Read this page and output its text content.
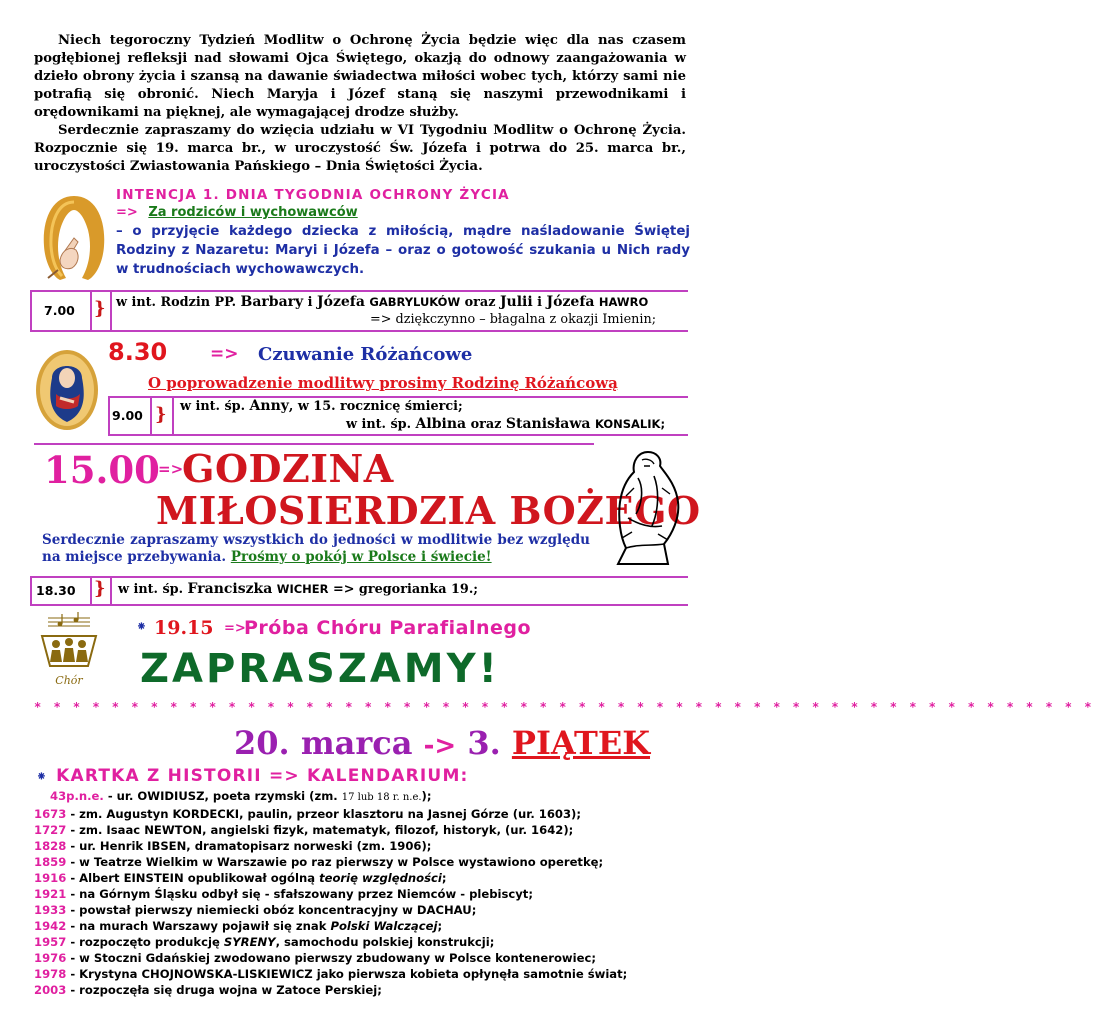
Niech tegoroczny Tydzień Modlitw o Ochronę Życia będzie więc dla nas czasem pogłębionej refleksji nad słowami Ojca Świętego, okazją do odnowy zaangażowania w dzieło obrony życia i szansą na dawanie świadectwa miłości wobec tych, którzy sami nie potrafią się obronić. Niech Maryja i Józef staną się naszymi przewodnikami i orędownikami na pięknej, ale wymagającej drodze służby.

Serdecznie zapraszamy do wzięcia udziału w VI Tygodniu Modlitw o Ochronę Życia. Rozpocznie się 19. marca br., w uroczystość Św. Józefa i potrwa do 25. marca br., uroczystości Zwiastowania Pańskiego – Dnia Świętości Życia.

INTENCJA 1. DNIA TYGODNIA OCHRONY ŻYCIA
=> Za rodziców i wychowawców
– o przyjęcie każdego dziecka z miłością, mądre naśladowanie Świętej Rodziny z Nazaretu: Maryi i Józefa – oraz o gotowość szukania u Nich rady w trudnościach wychowawczych.
7.00 } w int. Rodzin PP. Barbary i Józefa GABRYLUKÓW oraz Julii i Józefa HAWRO
=> dziękczynno – błagalna z okazji Imienin;
8.30	=> Czuwanie Różańcowe
O poprowadzenie modlitwy prosimy Rodzinę Różańcową
9.00 } w int. śp. Anny, w 15. rocznicę śmierci;
w int. śp. Albina oraz Stanisława KONSALIK;
15.00
=>
GODZINA
MIŁOSIERDZIA BOŻEGO
Serdecznie zapraszamy wszystkich do jedności w modlitwie bez względu na miejsce przebywania. Prośmy o pokój w Polsce i świecie!
18.30 } w int. śp. Franciszka WICHER => gregorianka 19.;
Chór
⁕ 19.15 =>
Próba Chóru Parafialnego
ZAPRASZAMY!
* * * * * * * * * * * * * * * * * * * * * * * * * * * * * * * * * * * * * * * * * * * * * * * * * * * * * * *
20. marca -> 3. PIĄTEK
⁕ KARTKA Z HISTORII => KALENDARIUM:
43p.n.e. - ur. OWIDIUSZ, poeta rzymski (zm. 17 lub 18 r. n.e.);
1673 - zm. Augustyn KORDECKI, paulin, przeor klasztoru na Jasnej Górze (ur. 1603);
1727 - zm. Isaac NEWTON, angielski fizyk, matematyk, filozof, historyk, (ur. 1642);
1828 - ur. Henrik IBSEN, dramatopisarz norweski (zm. 1906);
1859 - w Teatrze Wielkim w Warszawie po raz pierwszy w Polsce wystawiono operetkę;
1916 - Albert EINSTEIN opublikował ogólną teorię względności;
1921 - na Górnym Śląsku odbył się - sfałszowany przez Niemców - plebiscyt;
1933 - powstał pierwszy niemiecki obóz koncentracyjny w DACHAU;
1942 - na murach Warszawy pojawił się znak Polski Walczącej;
1957 - rozpoczęto produkcję SYRENY, samochodu polskiej konstrukcji;
1976 - w Stoczni Gdańskiej zwodowano pierwszy zbudowany w Polsce kontenerowiec;
1978 - Krystyna CHOJNOWSKA-LISKIEWICZ jako pierwsza kobieta opłynęła samotnie świat;
2003 - rozpoczęła się druga wojna w Zatoce Perskiej;
